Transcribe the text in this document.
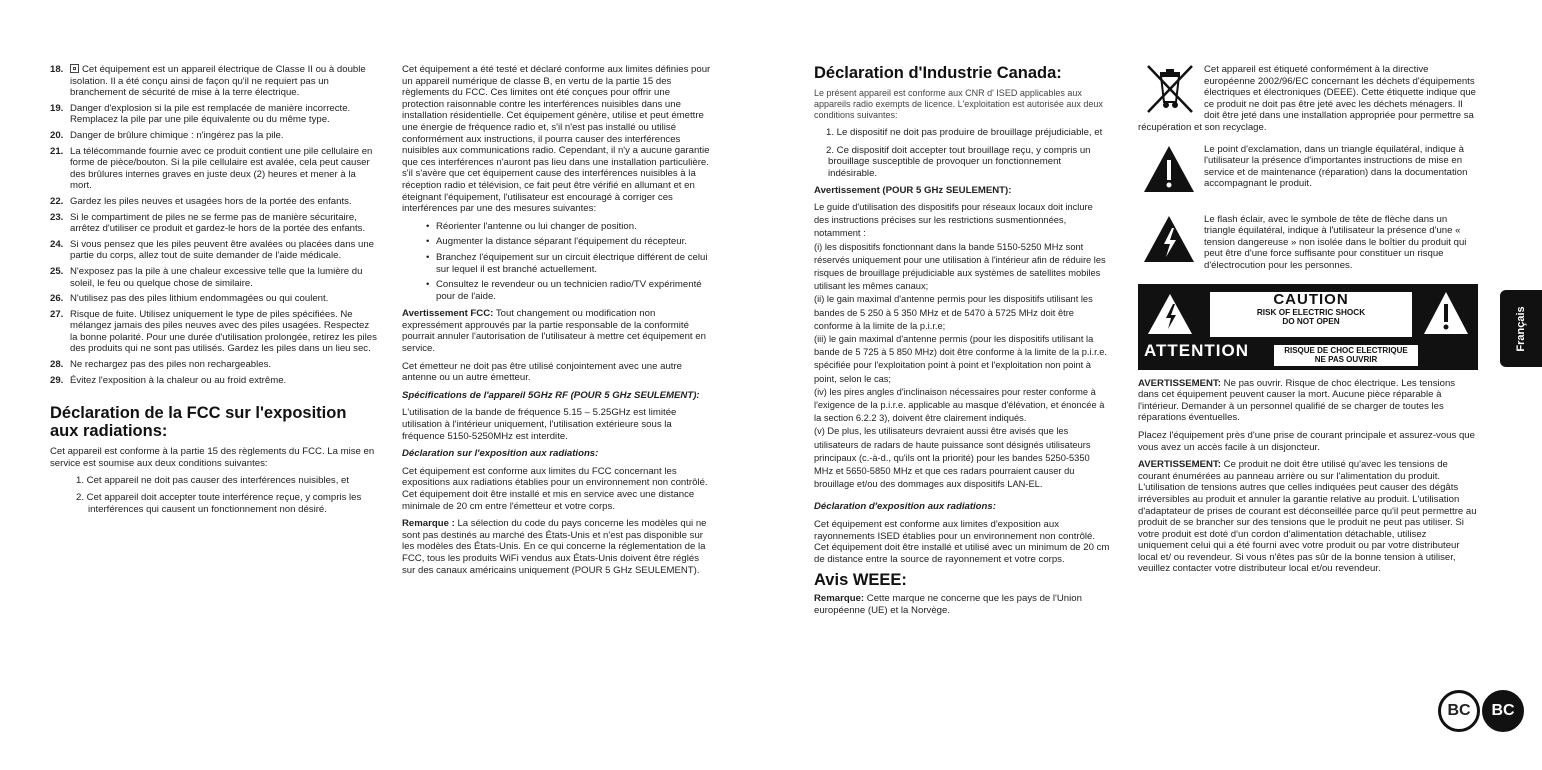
18. Cet équipement est un appareil électrique de Classe II ou à double isolation. Il a été conçu ainsi de façon qu'il ne requiert pas un branchement de sécurité de mise à la terre électrique.
19. Danger d'explosion si la pile est remplacée de manière incorrecte. Remplacez la pile par une pile équivalente ou du même type.
20. Danger de brûlure chimique : n'ingérez pas la pile.
21. La télécommande fournie avec ce produit contient une pile cellulaire en forme de pièce/bouton. Si la pile cellulaire est avalée, cela peut causer des brûlures internes graves en juste deux (2) heures et mener à la mort.
22. Gardez les piles neuves et usagées hors de la portée des enfants.
23. Si le compartiment de piles ne se ferme pas de manière sécuritaire, arrêtez d'utiliser ce produit et gardez-le hors de la portée des enfants.
24. Si vous pensez que les piles peuvent être avalées ou placées dans une partie du corps, allez tout de suite demander de l'aide médicale.
25. N'exposez pas la pile à une chaleur excessive telle que la lumière du soleil, le feu ou quelque chose de similaire.
26. N'utilisez pas des piles lithium endommagées ou qui coulent.
27. Risque de fuite. Utilisez uniquement le type de piles spécifiées. Ne mélangez jamais des piles neuves avec des piles usagées. Respectez la bonne polarité. Pour une durée d'utilisation prolongée, retirez les piles des produits qui ne sont pas utilisés. Gardez les piles dans un lieu sec.
28. Ne rechargez pas des piles non rechargeables.
29. Évitez l'exposition à la chaleur ou au froid extrême.
Déclaration de la FCC sur l'exposition aux radiations:

Cet appareil est conforme à la partie 15 des règlements du FCC. La mise en service est soumise aux deux conditions suivantes:

1. Cet appareil ne doit pas causer des interférences nuisibles, et
2. Cet appareil doit accepter toute interférence reçue, y compris les interférences qui causent un fonctionnement non désiré.

Cet équipement a été testé et déclaré conforme aux limites définies pour un appareil numérique de classe B, en vertu de la partie 15 des règlements du FCC. Ces limites ont été conçues pour offrir une protection raisonnable contre les interférences nuisibles dans une installation résidentielle. Cet équipement génère, utilise et peut émettre une énergie de fréquence radio et, s'il n'est pas installé ou utilisé conformément aux instructions, il pourra causer des interférences nuisibles aux communications radio. Cependant, il n'y a aucune garantie que ces interférences n'auront pas lieu dans une installation particulière. s'il s'avère que cet équipement cause des interférences nuisibles à la réception radio et télévision, ce fait peut être vérifié en allumant et en éteignant l'équipement, l'utilisateur est encouragé à corriger ces interférences par une des mesures suivantes:

• Réorienter l'antenne ou lui changer de position.
• Augmenter la distance séparant l'équipement du récepteur.
• Branchez l'équipement sur un circuit électrique différent de celui sur lequel il est branché actuellement.
• Consultez le revendeur ou un technicien radio/TV expérimenté pour de l'aide.

Avertissement FCC: Tout changement ou modification non expressément approuvés par la partie responsable de la conformité pourrait annuler l'autorisation de l'utilisateur à mettre cet équipement en service.

Cet émetteur ne doit pas être utilisé conjointement avec une autre antenne ou un autre émetteur.

Spécifications de l'appareil 5GHz RF (POUR 5 GHz SEULEMENT):

L'utilisation de la bande de fréquence 5.15 – 5.25GHz est limitée utilisation à l'intérieur uniquement, l'utilisation extérieure sous la fréquence 5150-5250MHz est interdite.

Déclaration sur l'exposition aux radiations:

Cet équipement est conforme aux limites du FCC concernant les expositions aux radiations établies pour un environnement non contrôlé. Cet équipement doit être installé et mis en service avec une distance minimale de 20 cm entre l'émetteur et votre corps.

Remarque : La sélection du code du pays concerne les modèles qui ne sont pas destinés au marché des États-Unis et n'est pas disponible sur les modèles des États-Unis. En ce qui concerne la réglementation de la FCC, tous les produits WiFi vendus aux États-Unis doivent être réglés sur des canaux américains uniquement (POUR 5 GHz SEULEMENT).

Déclaration d'Industrie Canada:

Le présent appareil est conforme aux CNR d' ISED applicables aux appareils radio exempts de licence. L'exploitation est autorisée aux deux conditions suivantes:

1. Le dispositif ne doit pas produire de brouillage préjudiciable, et
2. Ce dispositif doit accepter tout brouillage reçu, y compris un brouillage susceptible de provoquer un fonctionnement indésirable.

Avertissement (POUR 5 GHz SEULEMENT):

Le guide d'utilisation des dispositifs pour réseaux locaux doit inclure des instructions précises sur les restrictions susmentionnées, notamment :
(i) les dispositifs fonctionnant dans la bande 5150-5250 MHz sont réservés uniquement pour une utilisation à l'intérieur afin de réduire les risques de brouillage préjudiciable aux systèmes de satellites mobiles utilisant les mêmes canaux;
(ii) le gain maximal d'antenne permis pour les dispositifs utilisant les bandes de 5 250 à 5 350 MHz et de 5470 à 5725 MHz doit être conforme à la limite de la p.i.r.e;
(iii) le gain maximal d'antenne permis (pour les dispositifs utilisant la bande de 5 725 à 5 850 MHz) doit être conforme à la limite de la p.i.r.e. spécifiée pour l'exploitation point à point et l'exploitation non point à point, selon le cas;
(iv) les pires angles d'inclinaison nécessaires pour rester conforme à l'exigence de la p.i.r.e. applicable au masque d'élévation, et énoncée à la section 6.2.2 3), doivent être clairement indiqués.
(v) De plus, les utilisateurs devraient aussi être avisés que les utilisateurs de radars de haute puissance sont désignés utilisateurs principaux (c.-à-d., qu'ils ont la priorité) pour les bandes 5250-5350 MHz et 5650-5850 MHz et que ces radars pourraient causer du brouillage et/ou des dommages aux dispositifs LAN-EL.

Déclaration d'exposition aux radiations:

Cet équipement est conforme aux limites d'exposition aux rayonnements ISED établies pour un environnement non contrôlé. Cet équipement doit être installé et utilisé avec un minimum de 20 cm de distance entre la source de rayonnement et votre corps.

Avis WEEE:

Remarque: Cette marque ne concerne que les pays de l'Union européenne (UE) et la Norvège.

Cet appareil est étiqueté conformément à la directive européenne 2002/96/EC concernant les déchets d'équipements électriques et électroniques (DEEE). Cette étiquette indique que ce produit ne doit pas être jeté avec les déchets ménagers. Il doit être jeté dans une installation appropriée pour permettre sa récupération et son recyclage.
Le point d'exclamation, dans un triangle équilatéral, indique à l'utilisateur la présence d'importantes instructions de mise en service et de maintenance (réparation) dans la documentation accompagnant le produit.
Le flash éclair, avec le symbole de tête de flèche dans un triangle équilatéral, indique à l'utilisateur la présence d'une « tension dangereuse » non isolée dans le boîtier du produit qui peut être d'une force suffisante pour constituer un risque d'électrocution pour les personnes.
CAUTION
RISK OF ELECTRIC SHOCK
DO NOT OPEN
ATTENTION	RISQUE DE CHOC ELECTRIQUE
NE PAS OUVRIR

AVERTISSEMENT: Ne pas ouvrir. Risque de choc électrique. Les tensions dans cet équipement peuvent causer la mort. Aucune pièce réparable à l'intérieur. Demander à un personnel qualifié de se charger de toutes les réparations éventuelles.

Placez l'équipement près d'une prise de courant principale et assurez-vous que vous avez un accès facile à un disjoncteur.

AVERTISSEMENT: Ce produit ne doit être utilisé qu'avec les tensions de courant énumérées au panneau arrière ou sur l'alimentation du produit. L'utilisation de tensions autres que celles indiquées peut causer des dégâts irréversibles au produit et annuler la garantie relative au produit. L'utilisation d'adaptateur de prises de courant est déconseillée parce qu'il peut permettre au produit de se brancher sur des tensions que le produit ne peut pas utiliser. Si votre produit est doté d'un cordon d'alimentation détachable, utilisez uniquement celui qui a été fourni avec votre produit ou par votre distributeur local et/ ou revendeur. Si vous n'êtes pas sûr de la bonne tension à utiliser, veuillez contacter votre distributeur local et/ou revendeur.

BC	BC
Français
